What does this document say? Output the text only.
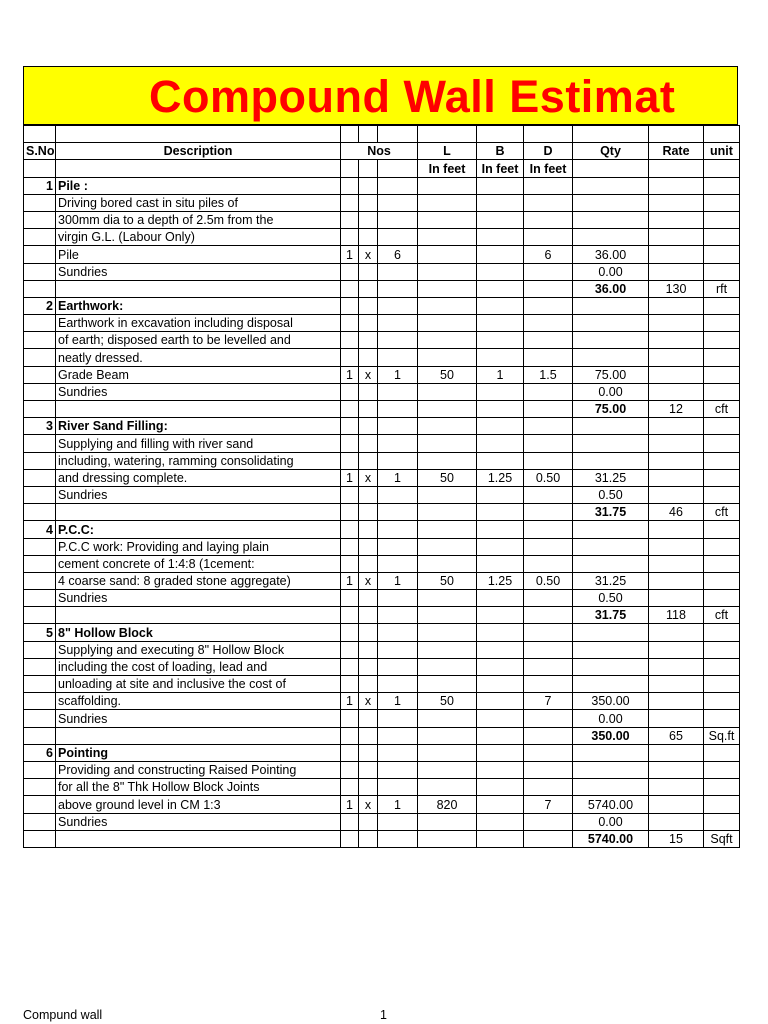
Compound Wall Estimat

S.No	Description	Nos			L	B	D	Qty	Rate	unit
					In feet	In feet	In feet			
1	Pile :									
	Driving bored cast in situ piles of									
	300mm dia to a depth of 2.5m from the									
	virgin G.L. (Labour Only)									
	Pile	1	x	6			6	36.00		
	Sundries							0.00		
								36.00	130	rft
2	Earthwork:									
	Earthwork in excavation including disposal									
	of earth; disposed earth to be levelled and									
	neatly dressed.									
	Grade Beam	1	x	1	50	1	1.5	75.00		
	Sundries							0.00		
								75.00	12	cft
3	River Sand Filling:									
	Supplying and filling with river sand									
	including, watering, ramming consolidating									
	and dressing complete.	1	x	1	50	1.25	0.50	31.25		
	Sundries							0.50		
								31.75	46	cft
4	P.C.C:									
	P.C.C work: Providing and laying plain									
	cement concrete of 1:4:8 (1cement:									
	4 coarse sand: 8 graded stone aggregate)	1	x	1	50	1.25	0.50	31.25		
	Sundries							0.50		
								31.75	118	cft
5	8" Hollow Block									
	Supplying and executing 8" Hollow Block									
	including the cost of loading, lead and									
	unloading at site and inclusive the cost of									
	scaffolding.	1	x	1	50		7	350.00		
	Sundries							0.00		
								350.00	65	Sq.ft
6	Pointing									
	Providing and constructing Raised Pointing									
	for all the 8" Thk Hollow Block Joints									
	above ground level in CM 1:3	1	x	1	820		7	5740.00		
	Sundries							0.00		
								5740.00	15	Sqft
Compund wall	1
